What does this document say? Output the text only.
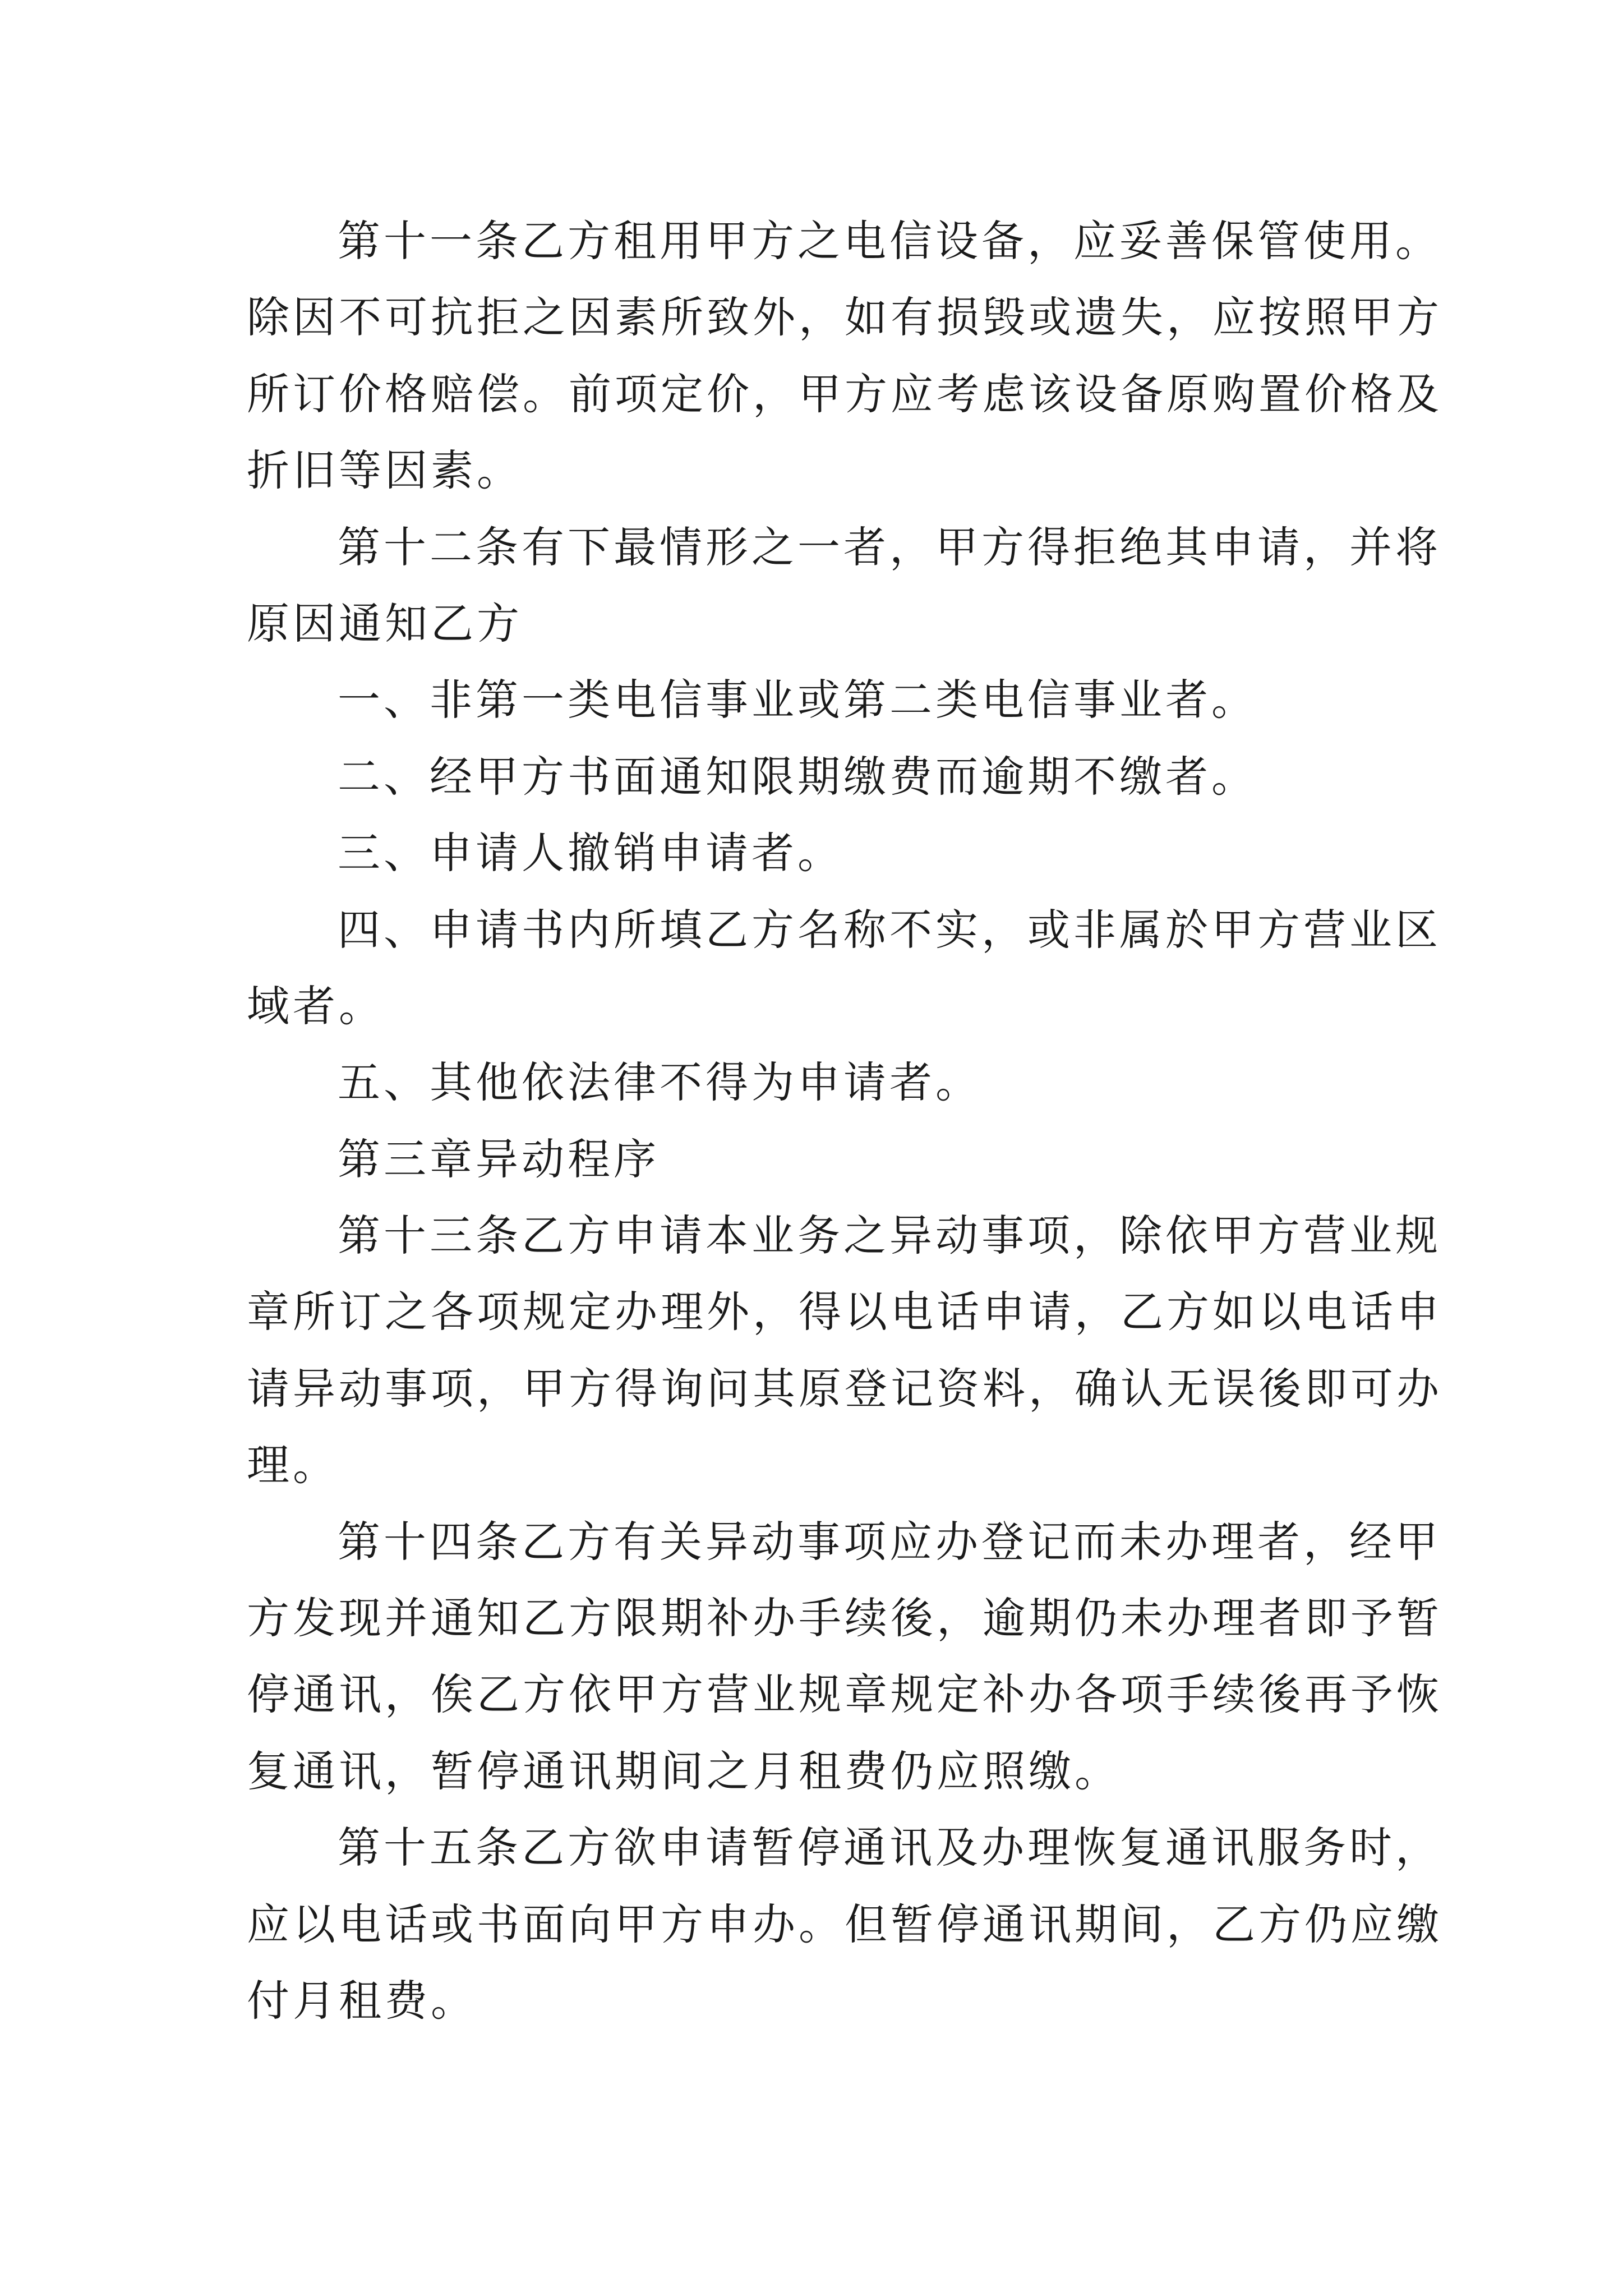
第十一条乙方租用甲方之电信设备，应妥善保管使用。
除因不可抗拒之因素所致外，如有损毁或遗失，应按照甲方
所订价格赔偿。前项定价，甲方应考虑该设备原购置价格及
折旧等因素。
第十二条有下最情形之一者，甲方得拒绝其申请，并将
原因通知乙方
一、非第一类电信事业或第二类电信事业者。
二、经甲方书面通知限期缴费而逾期不缴者。
三、申请人撤销申请者。
四、申请书内所填乙方名称不实，或非属於甲方营业区
域者。
五、其他依法律不得为申请者。
第三章异动程序
第十三条乙方申请本业务之异动事项，除依甲方营业规
章所订之各项规定办理外，得以电话申请，乙方如以电话申
请异动事项，甲方得询问其原登记资料，确认无误後即可办
理。
第十四条乙方有关异动事项应办登记而未办理者，经甲
方发现并通知乙方限期补办手续後，逾期仍未办理者即予暂
停通讯，俟乙方依甲方营业规章规定补办各项手续後再予恢
复通讯，暂停通讯期间之月租费仍应照缴。
第十五条乙方欲申请暂停通讯及办理恢复通讯服务时，
应以电话或书面向甲方申办。但暂停通讯期间，乙方仍应缴
付月租费。
